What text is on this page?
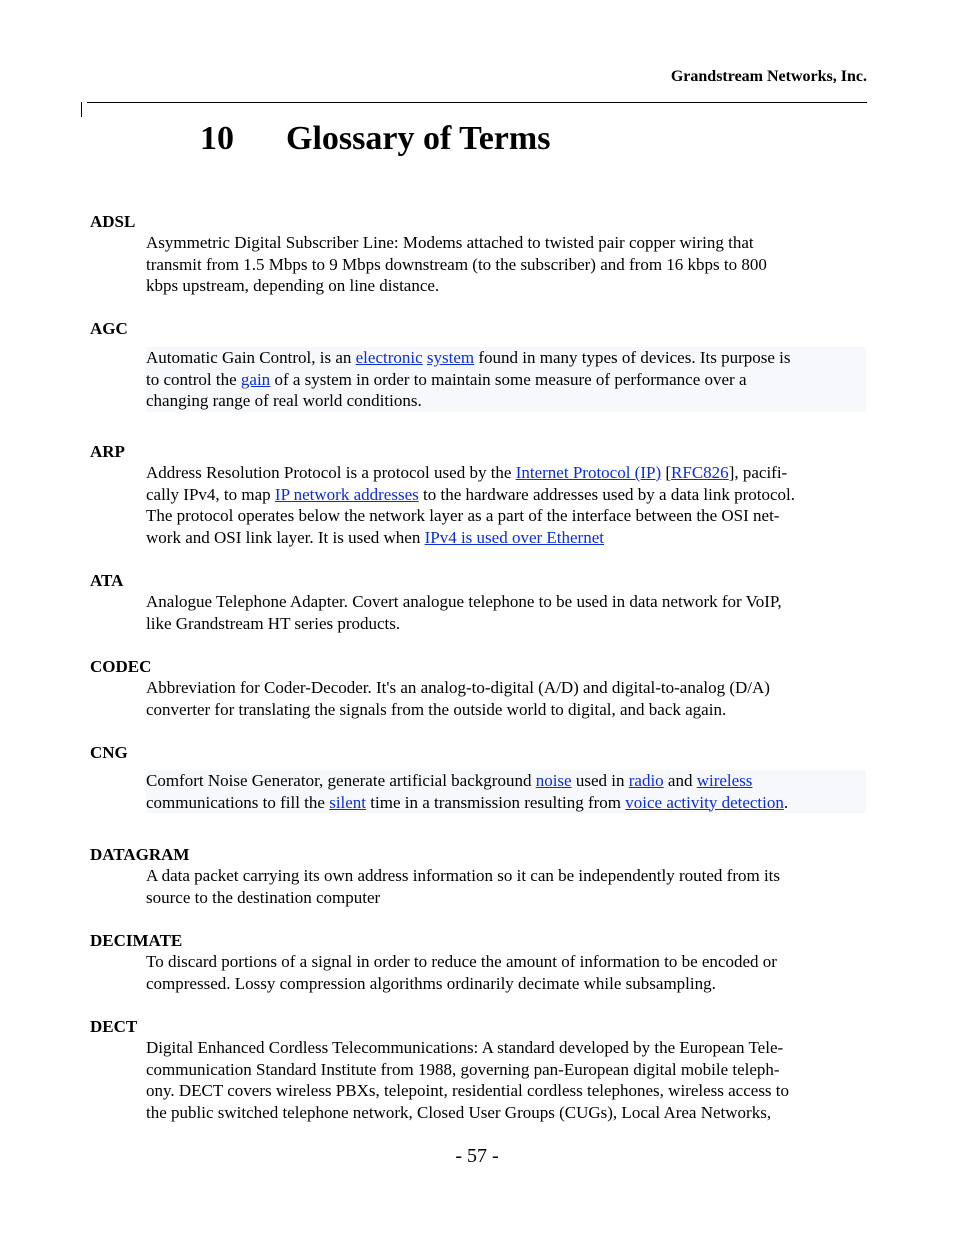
Grandstream Networks, Inc.
10 Glossary of Terms
ADSL
Asymmetric Digital Subscriber Line: Modems attached to twisted pair copper wiring that
transmit from 1.5 Mbps to 9 Mbps downstream (to the subscriber) and from 16 kbps to 800
kbps upstream, depending on line distance.
AGC
Automatic Gain Control, is an electronic system found in many types of devices. Its purpose is
to control the gain of a system in order to maintain some measure of performance over a
changing range of real world conditions.
ARP
Address Resolution Protocol is a protocol used by the Internet Protocol (IP) [RFC826], pacifi-
cally IPv4, to map IP network addresses to the hardware addresses used by a data link protocol.
The protocol operates below the network layer as a part of the interface between the OSI net-
work and OSI link layer. It is used when IPv4 is used over Ethernet
ATA
Analogue Telephone Adapter. Covert analogue telephone to be used in data network for VoIP,
like Grandstream HT series products.
CODEC
Abbreviation for Coder-Decoder. It's an analog-to-digital (A/D) and digital-to-analog (D/A)
converter for translating the signals from the outside world to digital, and back again.
CNG
Comfort Noise Generator, generate artificial background noise used in radio and wireless
communications to fill the silent time in a transmission resulting from voice activity detection.
DATAGRAM
A data packet carrying its own address information so it can be independently routed from its
source to the destination computer
DECIMATE
To discard portions of a signal in order to reduce the amount of information to be encoded or
compressed. Lossy compression algorithms ordinarily decimate while subsampling.
DECT
Digital Enhanced Cordless Telecommunications: A standard developed by the European Tele-
communication Standard Institute from 1988, governing pan-European digital mobile teleph-
ony. DECT covers wireless PBXs, telepoint, residential cordless telephones, wireless access to
the public switched telephone network, Closed User Groups (CUGs), Local Area Networks,
- 57 -
